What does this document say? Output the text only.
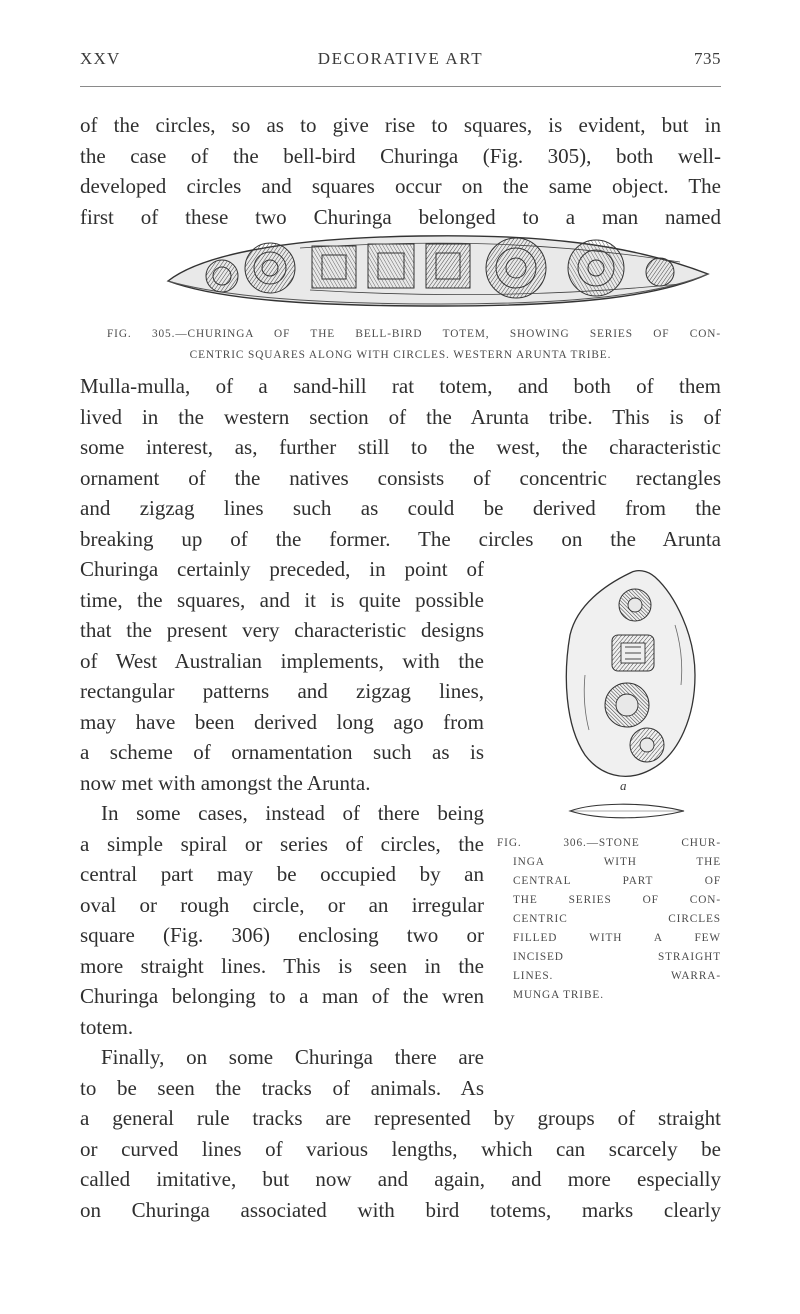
XXV	DECORATIVE ART	735
of the circles, so as to give rise to squares, is evident, but in
the case of the bell-bird Churinga (Fig. 305), both well-
developed circles and squares occur on the same object. The
first of these two Churinga belonged to a man named
FIG. 305.—CHURINGA OF THE BELL-BIRD TOTEM, SHOWING SERIES OF CON-
CENTRIC SQUARES ALONG WITH CIRCLES. WESTERN ARUNTA TRIBE.
Mulla-mulla, of a sand-hill rat totem, and both of them
lived in the western section of the Arunta tribe. This is of
some interest, as, further still to the west, the characteristic
ornament of the natives consists of concentric rectangles
and zigzag lines such as could be derived from the
breaking up of the former. The circles on the Arunta
Churinga certainly preceded, in point of
time, the squares, and it is quite possible
that the present very characteristic designs
of West Australian implements, with the
rectangular patterns and zigzag lines,
may have been derived long ago from
a scheme of ornamentation such as is
now met with amongst the Arunta.
In some cases, instead of there being
a simple spiral or series of circles, the
central part may be occupied by an
oval or rough circle, or an irregular
square (Fig. 306) enclosing two or
more straight lines. This is seen in the
Churinga belonging to a man of the wren
totem.
Finally, on some Churinga there are
to be seen the tracks of animals. As
a general rule tracks are represented by groups of straight
or curved lines of various lengths, which can scarcely be
called imitative, but now and again, and more especially
on Churinga associated with bird totems, marks clearly
a
FIG. 306.—STONE CHUR-
INGA WITH THE
CENTRAL PART OF
THE SERIES OF CON-
CENTRIC CIRCLES
FILLED WITH A FEW
INCISED STRAIGHT
LINES. WARRA-
MUNGA TRIBE.
